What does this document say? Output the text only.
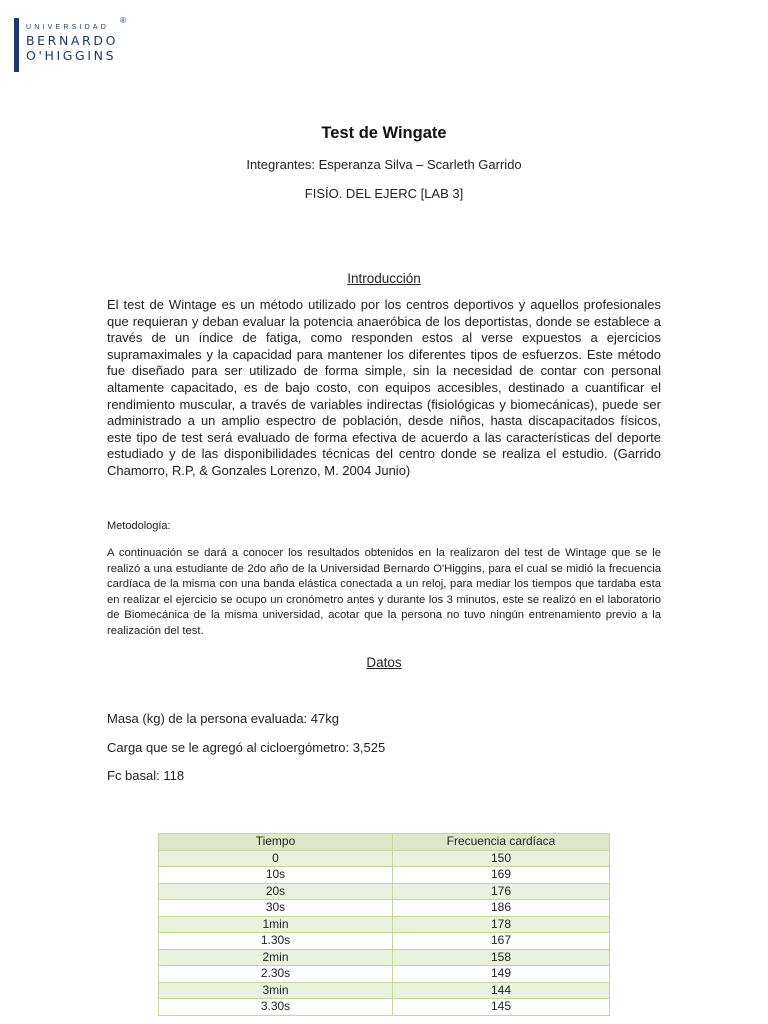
UNIVERSIDAD
BERNARDO
O'HIGGINS
®
Test de Wingate
Integrantes: Esperanza Silva – Scarleth Garrido
FISÍO. DEL EJERC [LAB 3]
Introducción
El test de Wintage es un método utilizado por los centros deportivos y aquellos profesionales que requieran y deban evaluar la potencia anaeróbica de los deportistas, donde se establece a través de un índice de fatiga, como responden estos al verse expuestos a ejercicios supramaximales y la capacidad para mantener los diferentes tipos de esfuerzos. Este método fue diseñado para ser utilizado de forma simple, sin la necesidad de contar con personal altamente capacitado, es de bajo costo, con equipos accesibles, destinado a cuantificar el rendimiento muscular, a través de variables indirectas (fisiológicas y biomecánicas), puede ser administrado a un amplio espectro de población, desde niños, hasta discapacitados físicos, este tipo de test será evaluado de forma efectiva de acuerdo a las características del deporte estudiado y de las disponibilidades técnicas del centro donde se realiza el estudio. (Garrido Chamorro, R.P, & Gonzales Lorenzo, M. 2004 Junio)
Metodología:
A continuación se dará a conocer los resultados obtenidos en la realizaron del test de Wintage que se le realizó a una estudiante de 2do año de la Universidad Bernardo O'Higgins, para el cual se midió la frecuencia cardíaca de la misma con una banda elástica conectada a un reloj, para mediar los tiempos que tardaba esta en realizar el ejercicio se ocupo un cronómetro antes y durante los 3 minutos, este se realizó en el laboratorio de Biomecánica de la misma universidad, acotar que la persona no tuvo ningún entrenamiento previo a la realización del test.
Datos
Masa (kg) de la persona evaluada: 47kg
Carga que se le agregó al cicloergómetro: 3,525
Fc basal: 118
Tiempo	Frecuencia cardíaca
0	150
10s	169
20s	176
30s	186
1min	178
1.30s	167
2min	158
2.30s	149
3min	144
3.30s	145
